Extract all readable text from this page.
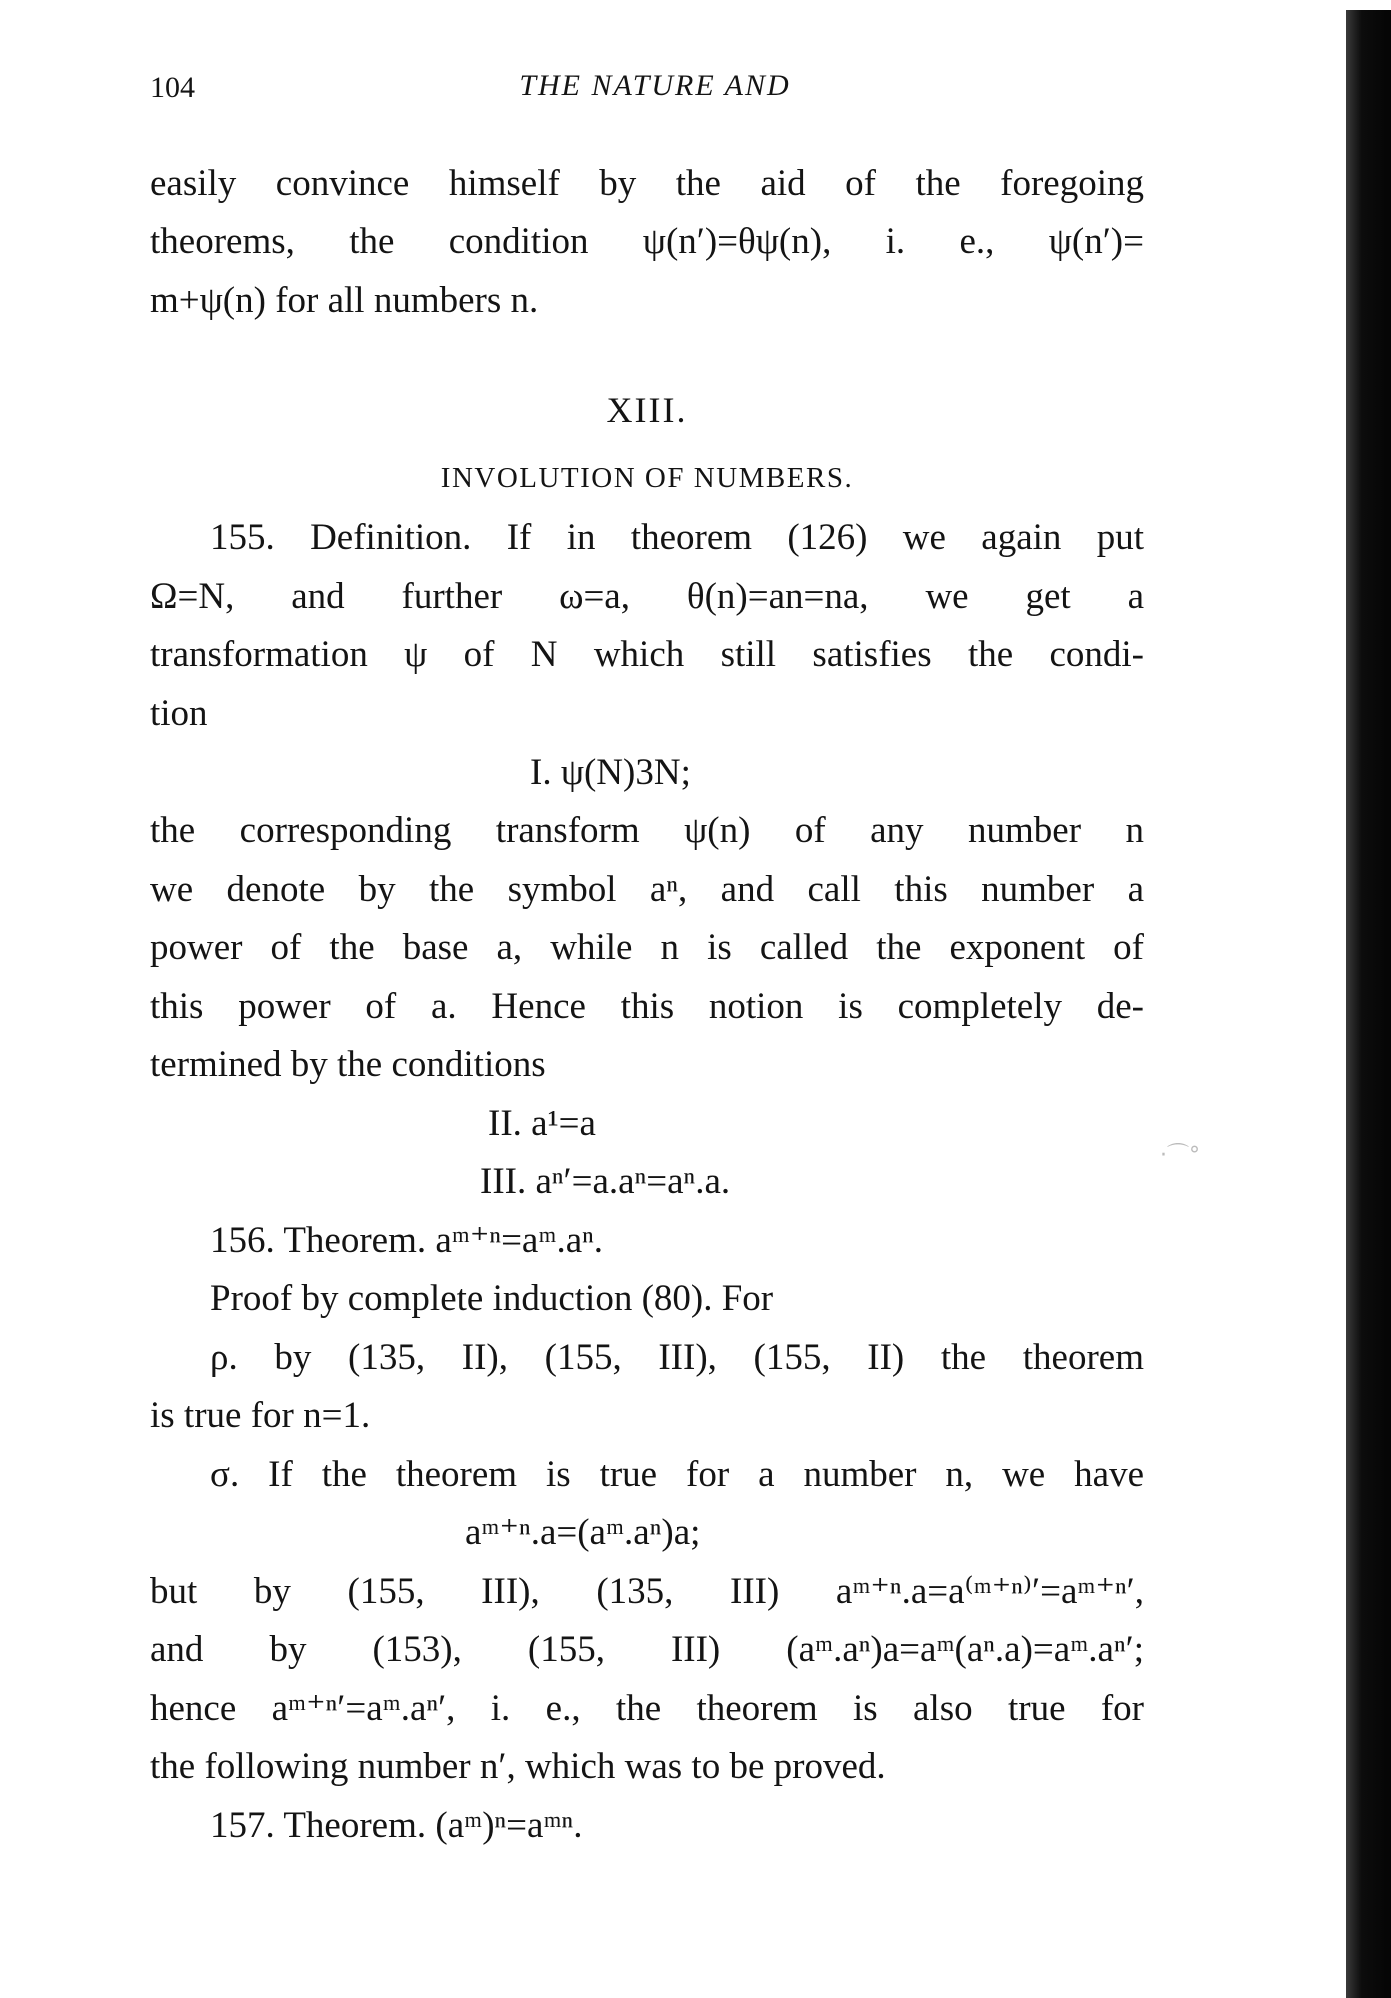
104	THE NATURE AND
easily convince himself by the aid of the foregoing
theorems, the condition ψ(n′)=θψ(n), i. e., ψ(n′)=
m+ψ(n) for all numbers n.
XIII.
INVOLUTION OF NUMBERS.
155. Definition. If in theorem (126) we again put
Ω=N, and further ω=a, θ(n)=an=na, we get a
transformation ψ of N which still satisfies the condi-
tion
I. ψ(N)3N;
the corresponding transform ψ(n) of any number n
we denote by the symbol aⁿ, and call this number a
power of the base a, while n is called the exponent of
this power of a. Hence this notion is completely de-
termined by the conditions
II. a¹=a
III. aⁿ′=a.aⁿ=aⁿ.a.
156. Theorem. aᵐ⁺ⁿ=aᵐ.aⁿ.
Proof by complete induction (80). For
ρ. by (135, II), (155, III), (155, II) the theorem
is true for n=1.
σ. If the theorem is true for a number n, we have
aᵐ⁺ⁿ.a=(aᵐ.aⁿ)a;
but by (155, III), (135, III) aᵐ⁺ⁿ.a=a⁽ᵐ⁺ⁿ⁾′=aᵐ⁺ⁿ′,
and by (153), (155, III) (aᵐ.aⁿ)a=aᵐ(aⁿ.a)=aᵐ.aⁿ′;
hence aᵐ⁺ⁿ′=aᵐ.aⁿ′, i. e., the theorem is also true for
the following number n′, which was to be proved.
157. Theorem. (aᵐ)ⁿ=aᵐⁿ.
·⌒°
